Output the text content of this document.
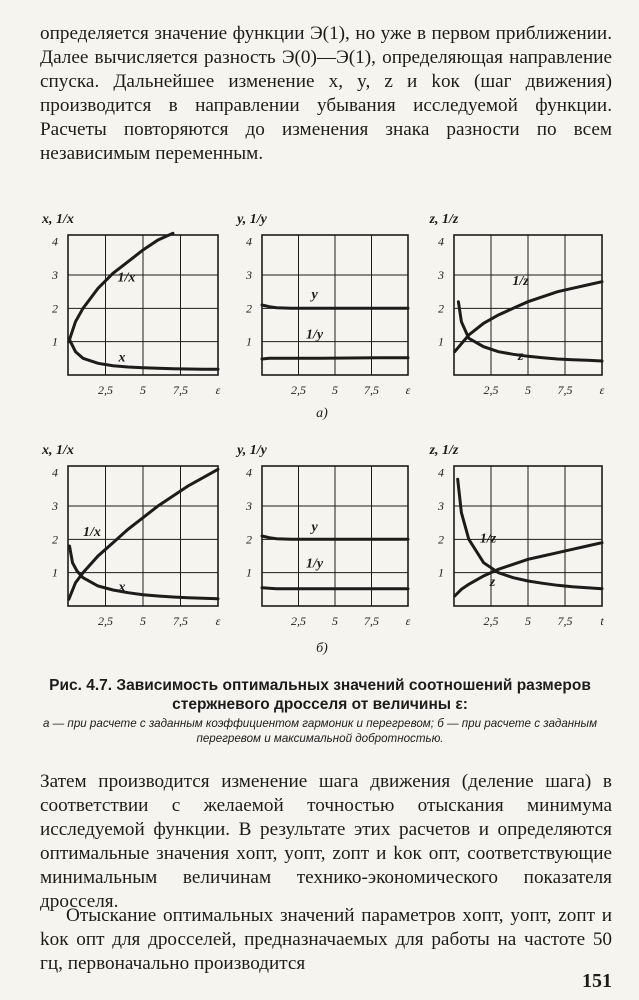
определяется значение функции Э(1), но уже в первом приближении. Далее вычисляется разность Э(0)—Э(1), определяющая направление спуска. Дальнейшее изменение x, y, z и kок (шаг движения) производится в направлении убывания исследуемой функции. Расчеты повторяются до изменения знака разности по всем независимым переменным.

2,5 5 7,5 ε
1
2
3
4
x, 1/x
1/x
x
2,5 5 7,5 ε
1
2
3
4
y, 1/y
y
1/y
2,5 5 7,5 ε
1
2
3
4
z, 1/z
1/z
z
2,5 5 7,5 ε
1
2
3
4
x, 1/x
1/x
x
2,5 5 7,5 ε
1
2
3
4
y, 1/y
y
1/y
2,5 5 7,5 t
1
2
3
4
z, 1/z
1/z
z
а)
б)
Рис. 4.7. Зависимость оптимальных значений соотношений размеров стержневого дросселя от величины ε:
а — при расчете с заданным коэффициентом гармоник и перегревом; б — при расчете с заданным перегревом и максимальной добротностью.

Затем производится изменение шага движения (деление шага) в соответствии с желаемой точностью отыскания минимума исследуемой функции. В результате этих расчетов и определяются оптимальные значения xопт, yопт, zопт и kок опт, соответствующие минимальным величинам технико-экономического показателя дросселя.

Отыскание оптимальных значений параметров xопт, yопт, zопт и kок опт для дросселей, предназначаемых для работы на частоте 50 гц, первоначально производится

151
